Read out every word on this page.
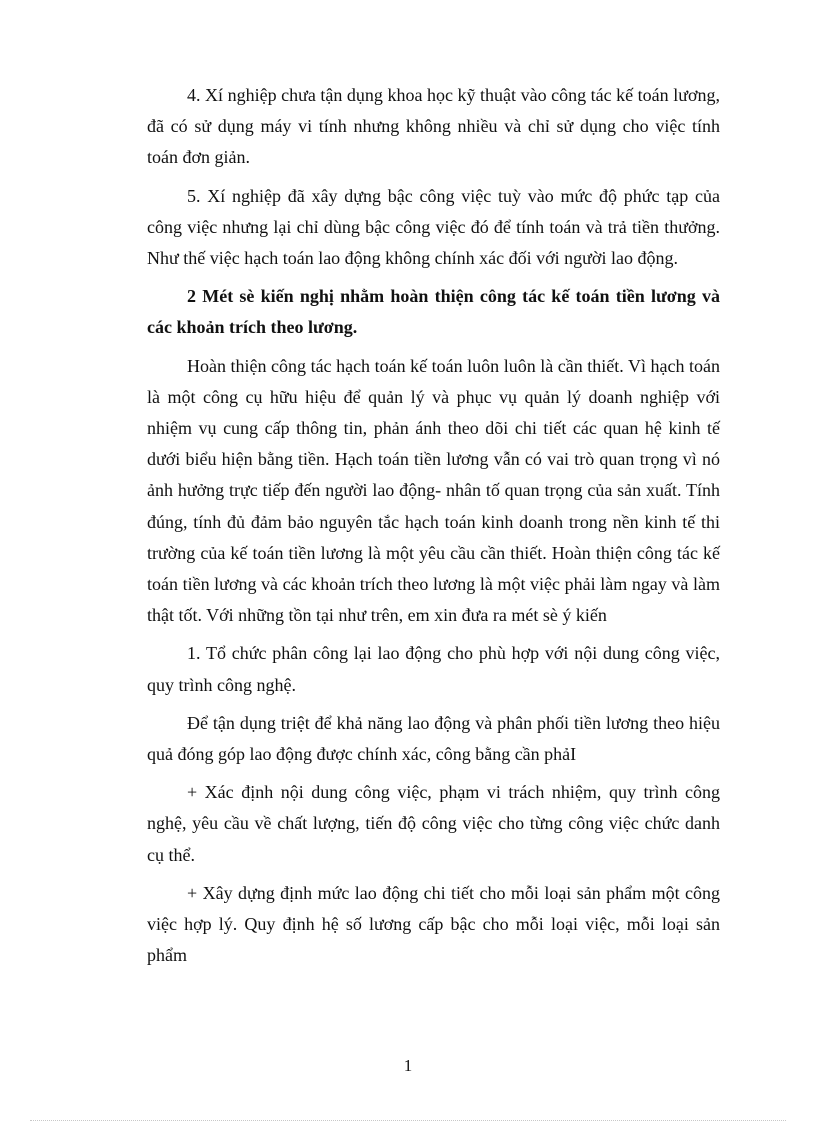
4. Xí nghiệp chưa tận dụng khoa học kỹ thuật vào công tác kế toán lương, đã có sử dụng máy vi tính nhưng không nhiều và chỉ sử dụng cho việc tính toán đơn giản.

5. Xí nghiệp đã xây dựng bậc công việc tuỳ vào mức độ phức tạp của công việc nhưng lại chỉ dùng bậc công việc đó để tính toán và trả tiền thưởng. Như thế việc hạch toán lao động không chính xác đối với người lao động.

2 Mét sè kiến nghị nhằm hoàn thiện công tác kế toán tiền lương và các khoản trích theo lương.

Hoàn thiện công tác hạch toán kế toán luôn luôn là cần thiết. Vì hạch toán là một công cụ hữu hiệu để quản lý và phục vụ quản lý doanh nghiệp với nhiệm vụ cung cấp thông tin, phản ánh theo dõi chi tiết các quan hệ kinh tế dưới biểu hiện bằng tiền. Hạch toán tiền lương vẫn có vai trò quan trọng vì nó ảnh hưởng trực tiếp đến người lao động- nhân tố quan trọng của sản xuất. Tính đúng, tính đủ đảm bảo nguyên tắc hạch toán kinh doanh trong nền kinh tế thi trường của kế toán tiền lương là một yêu cầu cần thiết. Hoàn thiện công tác kế toán tiền lương và các khoản trích theo lương là một việc phải làm ngay và làm thật tốt. Với những tồn tại như trên, em xin đưa ra mét sè ý kiến

1. Tổ chức phân công lại lao động cho phù hợp với nội dung công việc, quy trình công nghệ.

Để tận dụng triệt để khả năng lao động và phân phối tiền lương theo hiệu quả đóng góp lao động được chính xác, công bằng cần phảI

+ Xác định nội dung công việc, phạm vi trách nhiệm, quy trình công nghệ, yêu cầu về chất lượng, tiến độ công việc cho từng công việc chức danh cụ thể.

+ Xây dựng định mức lao động chi tiết cho mỗi loại sản phẩm một công việc hợp lý. Quy định hệ số lương cấp bậc cho mỗi loại việc, mỗi loại sản phẩm

1
